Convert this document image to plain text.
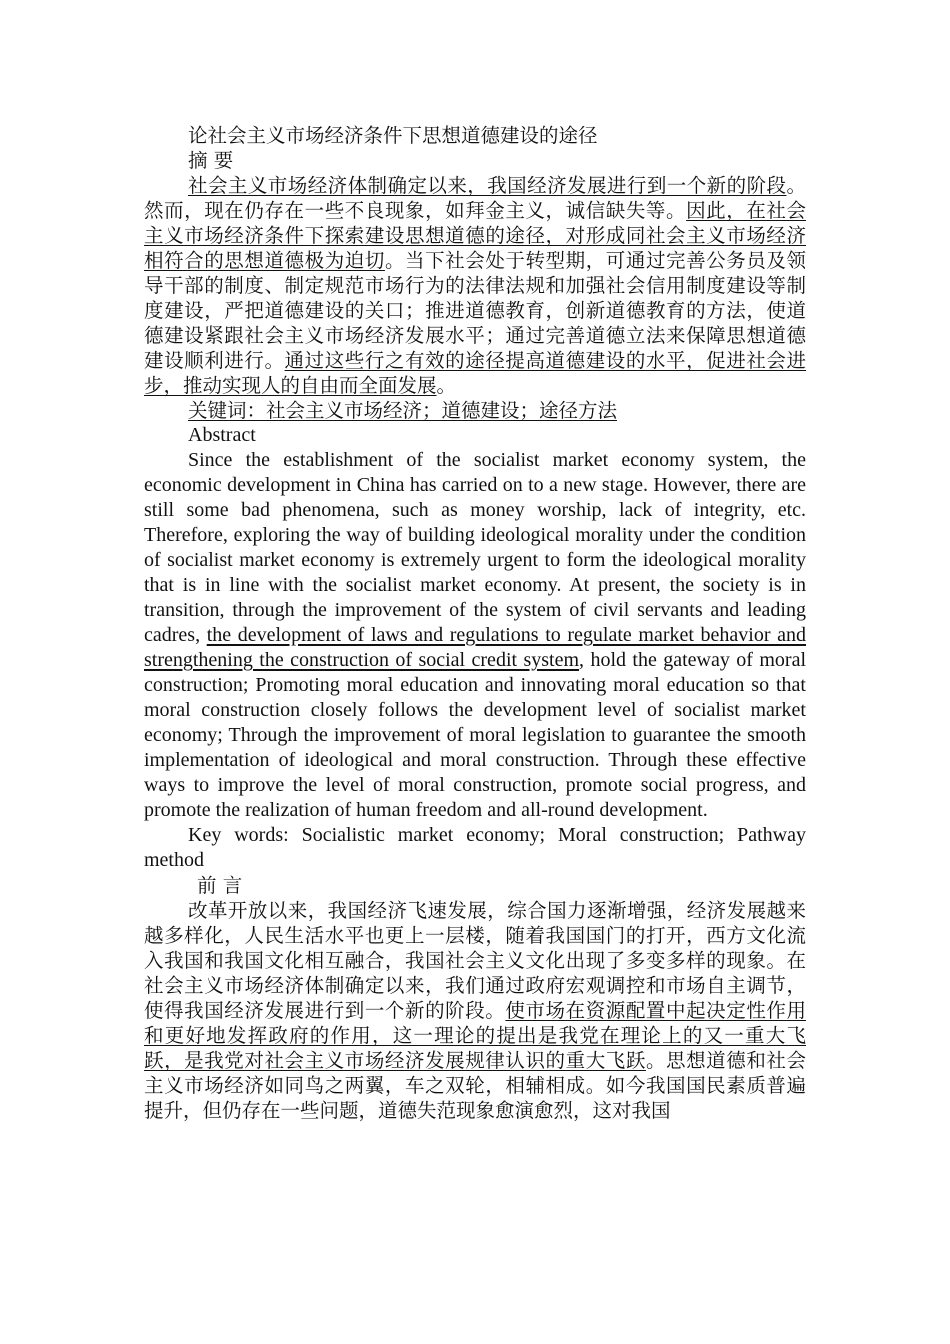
论社会主义市场经济条件下思想道德建设的途径

摘 要

社会主义市场经济体制确定以来，我国经济发展进行到一个新的阶段。然而，现在仍存在一些不良现象，如拜金主义，诚信缺失等。因此，在社会主义市场经济条件下探索建设思想道德的途径，对形成同社会主义市场经济相符合的思想道德极为迫切。当下社会处于转型期，可通过完善公务员及领导干部的制度、制定规范市场行为的法律法规和加强社会信用制度建设等制度建设，严把道德建设的关口；推进道德教育，创新道德教育的方法，使道德建设紧跟社会主义市场经济发展水平；通过完善道德立法来保障思想道德建设顺利进行。通过这些行之有效的途径提高道德建设的水平，促进社会进步，推动实现人的自由而全面发展。

关键词：社会主义市场经济；道德建设；途径方法

Abstract

Since the establishment of the socialist market economy system, the economic development in China has carried on to a new stage. However, there are still some bad phenomena, such as money worship, lack of integrity, etc. Therefore, exploring the way of building ideological morality under the condition of socialist market economy is extremely urgent to form the ideological morality that is in line with the socialist market economy. At present, the society is in transition, through the improvement of the system of civil servants and leading cadres, the development of laws and regulations to regulate market behavior and strengthening the construction of social credit system, hold the gateway of moral construction; Promoting moral education and innovating moral education so that moral construction closely follows the development level of socialist market economy; Through the improvement of moral legislation to guarantee the smooth implementation of ideological and moral construction. Through these effective ways to improve the level of moral construction, promote social progress, and promote the realization of human freedom and all-round development.

Key words: Socialistic market economy; Moral construction; Pathway method

前 言

改革开放以来，我国经济飞速发展，综合国力逐渐增强，经济发展越来越多样化，人民生活水平也更上一层楼，随着我国国门的打开，西方文化流入我国和我国文化相互融合，我国社会主义文化出现了多变多样的现象。在社会主义市场经济体制确定以来，我们通过政府宏观调控和市场自主调节，使得我国经济发展进行到一个新的阶段。使市场在资源配置中起决定性作用和更好地发挥政府的作用，这一理论的提出是我党在理论上的又一重大飞跃，是我党对社会主义市场经济发展规律认识的重大飞跃。思想道德和社会主义市场经济如同鸟之两翼，车之双轮，相辅相成。如今我国国民素质普遍提升，但仍存在一些问题，道德失范现象愈演愈烈，这对我国
